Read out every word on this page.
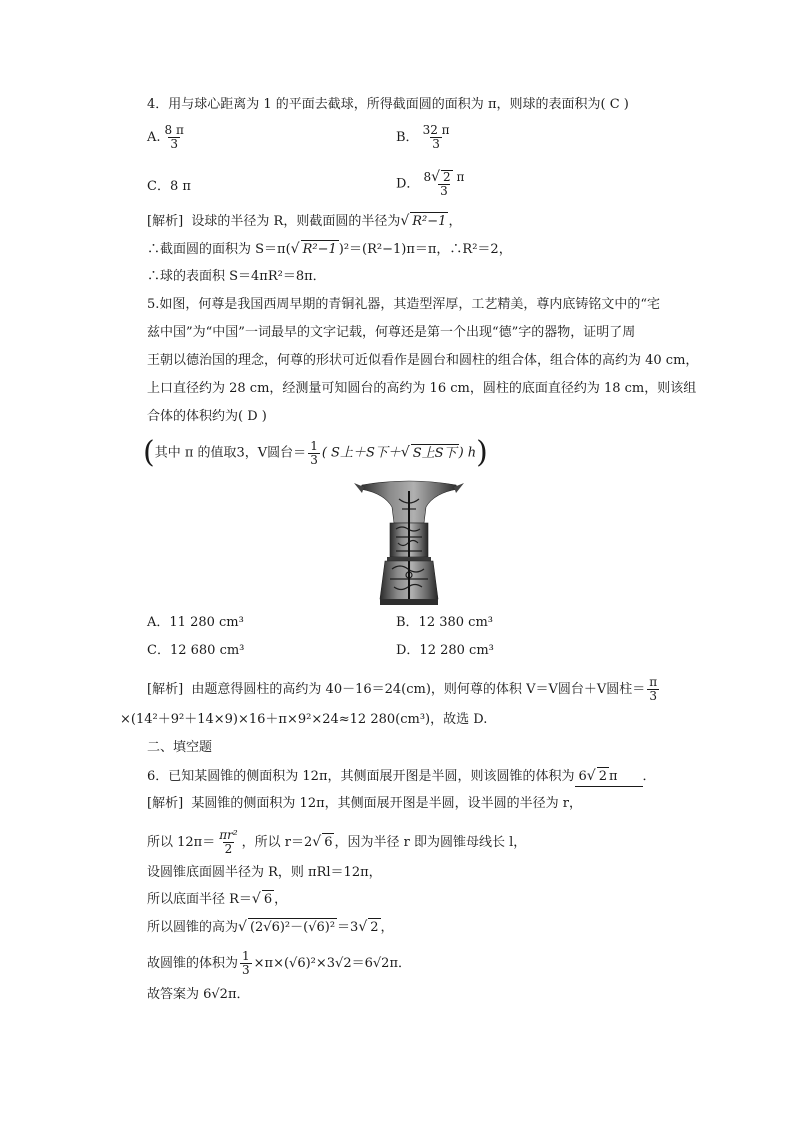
4．用与球心距离为 1 的平面去截球，所得截面圆的面积为 π，则球的表面积为( C )
A. $\frac{8 \pi}{3}$	B． $\frac{32 \pi}{3}$
C．8 π	D． $\frac{8√ 2 \pi}{3}$
[解析] 设球的半径为 R，则截面圆的半径为√ R²−1 ，
∴截面圆的面积为 S＝π(√ R²−1 )²＝(R²−1)π＝π，∴R²＝2，
∴球的表面积 S＝4πR²＝8π．
5.如图，何尊是我国西周早期的青铜礼器，其造型浑厚，工艺精美，尊内底铸铭文中的“宅
兹中国”为“中国”一词最早的文字记载，何尊还是第一个出现“德”字的器物，证明了周
王朝以德治国的理念，何尊的形状可近似看作是圆台和圆柱的组合体，组合体的高约为 40 cm，
上口直径约为 28 cm，经测量可知圆台的高约为 16 cm，圆柱的底面直径约为 18 cm，则该组
合体的体积约为( D )
(其中 π 的值取3，V圆台＝ $\frac{1}{3}$ ( S上＋S下＋√ S上S下 ) h)
A．11 280 cm³	B．12 380 cm³
C．12 680 cm³	D．12 280 cm³
[解析] 由题意得圆柱的高约为 40－16＝24(cm)，则何尊的体积 V＝V圆台＋V圆柱＝ $\frac{\pi}{3}$
×(14²＋9²＋14×9)×16＋π×9²×24≈12 280(cm³)，故选 D.
二、填空题
6．已知某圆锥的侧面积为 12π，其侧面展开图是半圆，则该圆锥的体积为 6√ 2 π ．
[解析] 某圆锥的侧面积为 12π，其侧面展开图是半圆，设半圆的半径为 r，
所以 $12\pi= \frac{\text{πr²}}{2}$ ，所以 r＝2√ 6 ，因为半径 r 即为圆锥母线长 l，
设圆锥底面圆半径为 R，则 πRl＝12π，
所以底面半径 R＝√ 6 ，
所以圆锥的高为√ (2√6)²－(√6)² ＝3√ 2 ，
故圆锥的体积为 $\frac{1}{3} \times\pi\times(√6)^2\times 3√2=6√2\pi$．
故答案为 6√2π．
